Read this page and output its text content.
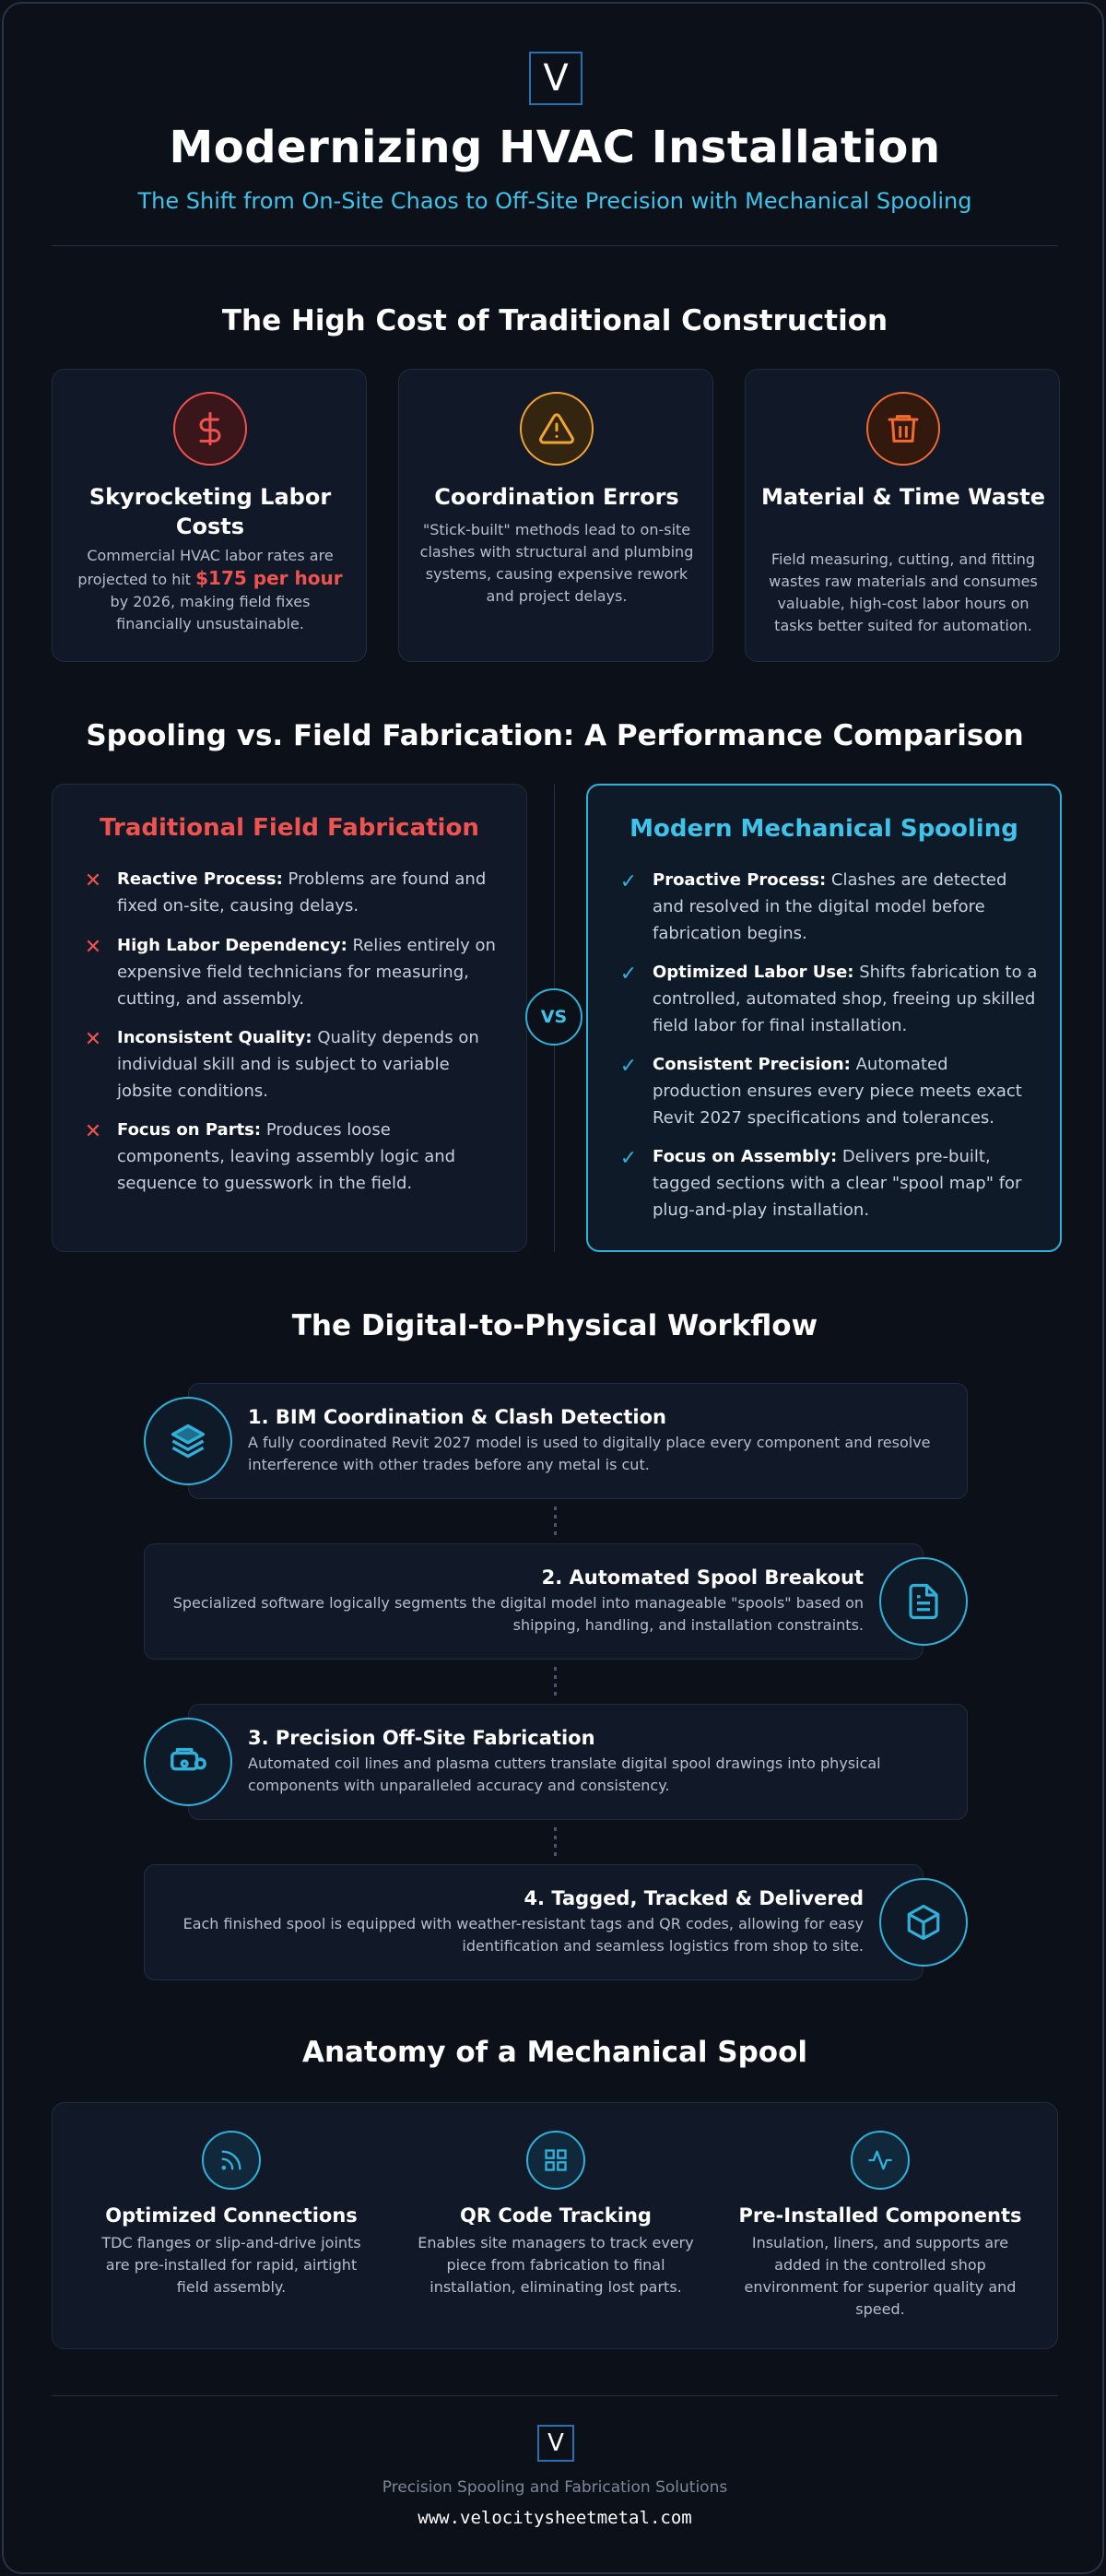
V
Modernizing HVAC Installation
The Shift from On-Site Chaos to Off-Site Precision with Mechanical Spooling
The High Cost of Traditional Construction
Skyrocketing Labor Costs
Commercial HVAC labor rates are projected to hit $175 per hour by 2026, making field fixes financially unsustainable.
Coordination Errors
"Stick-built" methods lead to on-site clashes with structural and plumbing systems, causing expensive rework and project delays.
Material & Time Waste
Field measuring, cutting, and fitting wastes raw materials and consumes valuable, high-cost labor hours on tasks better suited for automation.
Spooling vs. Field Fabrication: A Performance Comparison
Traditional Field Fabrication
✕ Reactive Process: Problems are found and fixed on-site, causing delays.
✕ High Labor Dependency: Relies entirely on expensive field technicians for measuring, cutting, and assembly.
✕ Inconsistent Quality: Quality depends on individual skill and is subject to variable jobsite conditions.
✕ Focus on Parts: Produces loose components, leaving assembly logic and sequence to guesswork in the field.
VS
Modern Mechanical Spooling
✓ Proactive Process: Clashes are detected and resolved in the digital model before fabrication begins.
✓ Optimized Labor Use: Shifts fabrication to a controlled, automated shop, freeing up skilled field labor for final installation.
✓ Consistent Precision: Automated production ensures every piece meets exact Revit 2027 specifications and tolerances.
✓ Focus on Assembly: Delivers pre-built, tagged sections with a clear "spool map" for plug-and-play installation.
The Digital-to-Physical Workflow
1. BIM Coordination & Clash Detection
A fully coordinated Revit 2027 model is used to digitally place every component and resolve interference with other trades before any metal is cut.
2. Automated Spool Breakout
Specialized software logically segments the digital model into manageable "spools" based on shipping, handling, and installation constraints.
3. Precision Off-Site Fabrication
Automated coil lines and plasma cutters translate digital spool drawings into physical components with unparalleled accuracy and consistency.
4. Tagged, Tracked & Delivered
Each finished spool is equipped with weather-resistant tags and QR codes, allowing for easy identification and seamless logistics from shop to site.
Anatomy of a Mechanical Spool
Optimized Connections
TDC flanges or slip-and-drive joints are pre-installed for rapid, airtight field assembly.
QR Code Tracking
Enables site managers to track every piece from fabrication to final installation, eliminating lost parts.
Pre-Installed Components
Insulation, liners, and supports are added in the controlled shop environment for superior quality and speed.
V
Precision Spooling and Fabrication Solutions
www.velocitysheetmetal.com
